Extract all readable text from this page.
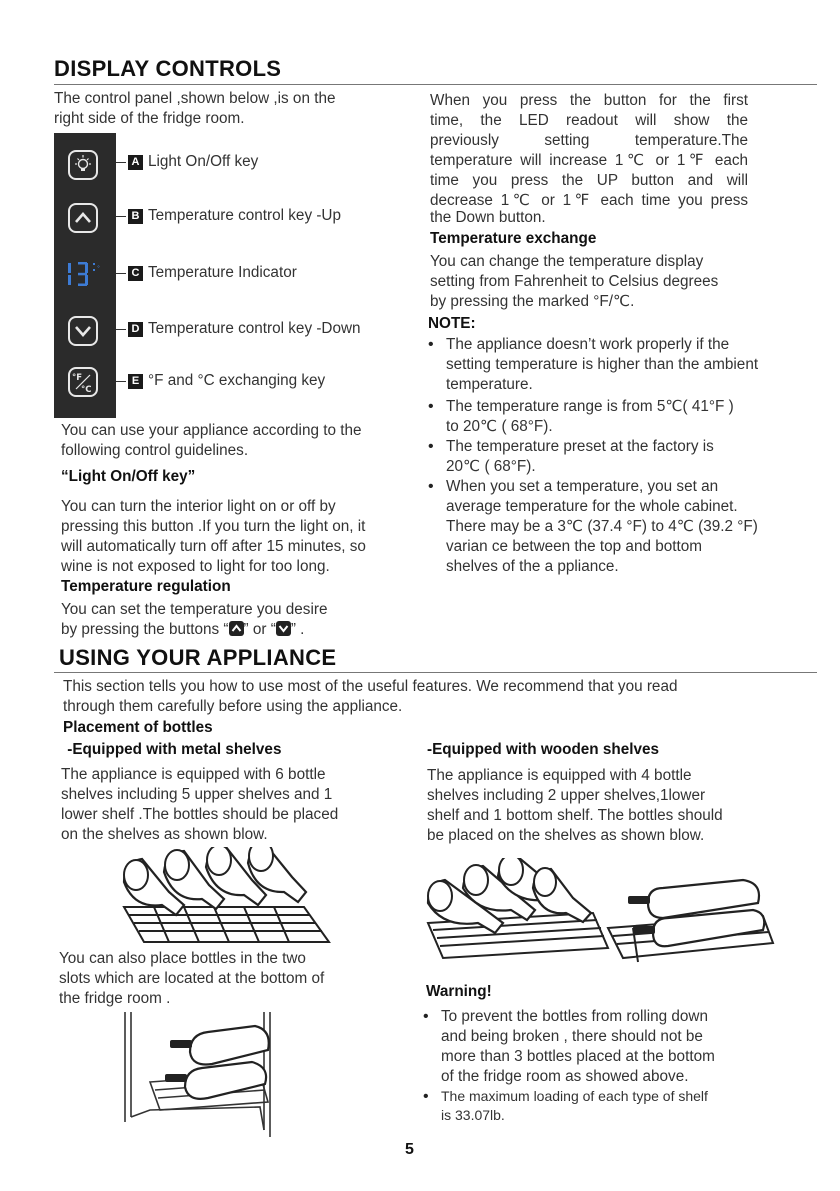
DISPLAY CONTROLS
The control panel ,shown below ,is on the
right side of the fridge room.
°
°F
°C
A Light On/Off key
B Temperature control key -Up
C Temperature Indicator
D Temperature control key -Down
E °F and °C exchanging key
You can use your appliance according to the
following control guidelines.
“Light On/Off key”
You can turn the interior light on or off by
pressing this button .If you turn the light on, it
will automatically turn off after 15 minutes, so
wine is not exposed to light for too long.
Temperature regulation
You can set the temperature you desire
by pressing the buttons “ ” or “ ” .
When you press the button for the first
time, the LED readout will show the
previously setting temperature.The
temperature will increase 1℃ or 1℉ each
time you press the UP button and will
decrease 1℃ or 1℉ each time you press
the Down button.
Temperature exchange
You can change the temperature display
setting from Fahrenheit to Celsius degrees
by pressing the marked °F/℃.
NOTE:
• The appliance doesn’t work properly if the
setting temperature is higher than the ambient
temperature.
• The temperature range is from 5℃( 41°F )
to 20℃ ( 68°F).
• The temperature preset at the factory is
20℃ ( 68°F).
• When you set a temperature, you set an
average temperature for the whole cabinet.
There may be a 3℃ (37.4 °F) to 4℃ (39.2 °F)
varian ce between the top and bottom
shelves of the a ppliance.
USING YOUR APPLIANCE
This section tells you how to use most of the useful features. We recommend that you read
through them carefully before using the appliance.
Placement of bottles
-Equipped with metal shelves	-Equipped with wooden shelves
The appliance is equipped with 6 bottle
shelves including 5 upper shelves and 1
lower shelf .The bottles should be placed
on the shelves as shown blow.
The appliance is equipped with 4 bottle
shelves including 2 upper shelves,1lower
shelf and 1 bottom shelf. The bottles should
be placed on the shelves as shown blow.
You can also place bottles in the two
slots which are located at the bottom of
the fridge room .	Warning!
• To prevent the bottles from rolling down
and being broken , there should not be
more than 3 bottles placed at the bottom
of the fridge room as showed above.
• The maximum loading of each type of shelf
is 33.07lb.
5
